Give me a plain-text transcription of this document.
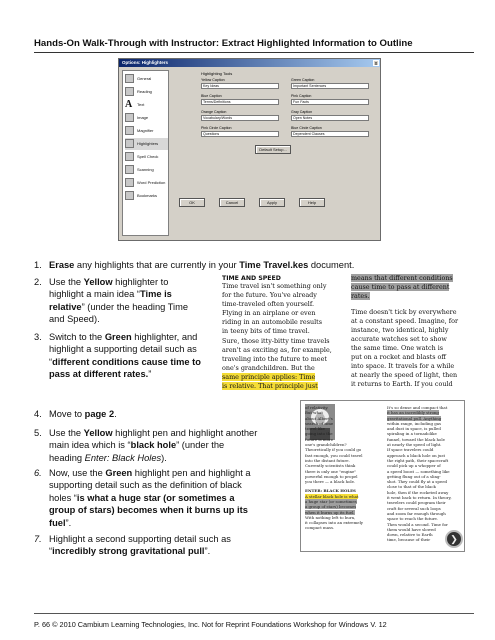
Hands-On Walk-Through with Instructor: Extract Highlighted Information to Outline
Options: Highlighters	x
General
Reading
A Text
Image
Magnifier
Highlighters
Spell Check
Scanning
Word Prediction
Bookmarks
Highlighting Tools
Yellow Caption
Key Ideas
Green Caption
Important Sentences
Blue Caption
Terms/Definitions
Pink Caption
Fun Facts
Orange Caption
Vocabulary/Words
Gray Caption
Open Notes
Pink Circle Caption
Questions
Blue Circle Caption
Dependent Clauses
Default Setup...
OK	Cancel	Apply	Help
1. Erase any highlights that are currently in your Time Travel.kes document.
2. Use the Yellow highlighter to
highlight a main idea “Time is
relative” (under the heading Time
and Speed).
3. Switch to the Green highlighter, and
highlight a supporting detail such as
“different conditions cause time to
pass at different rates.”
TIME AND SPEED
Time travel isn't something only
for the future. You've already
time-traveled often yourself.
Flying in an airplane or even
riding in an automobile results
in teeny bits of time travel.
Sure, those itty-bitty time travels
aren't as exciting as, for example,
traveling into the future to meet
one's grandchildren. But the
same principle applies: Time
is relative. That principle just
means that different conditions
cause time to pass at different
rates.
Time doesn't tick by everywhere
at a constant speed. Imagine, for
instance, two identical, highly
accurate watches set to show
the same time. One watch is
put on a rocket and blasts off
into space. It travels for a while
at nearly the speed of light, then
it returns to Earth. If you could
4. Move to page 2.
5. Use the Yellow highlight pen and highlight another
main idea which is “black hole” (under the
heading Enter: Black Holes).
6. Now, use the Green highlight pen and highlight a
supporting detail such as the definition of black
holes “is what a huge star (or sometimes a
group of stars) becomes when it burns up its
fuel”.
7. Highlight a second supporting detail such as
“incredibly strong gravitational pull”.
of relativity.
But what
about Albert's
search of time
travel like
going into the
future is more
one's grandchildren?
Theoretically if you could go
fast enough, you could travel
into the distant future.
Currently scientists think
there is only one "engine"
powerful enough to propel
you there — a black hole.
ENTER: BLACK HOLES
A stellar black hole is what
a huge star (or sometimes
a group of stars) becomes
when it burns up its fuel.
With nothing left to burn,
it collapses into an extremely
compact mass.
It's so dense and compact that
it has an incredibly strong
gravitational pull. Anything
within range, including gas
and dust in space, is pulled
spiraling in a tornadolike
funnel, toward the black hole
at nearly the speed of light.
If space travelers could
approach a black hole on just
the right path, their spacecraft
could pick up a whopper of
a speed boost — something like
getting flung out of a sling-
shot. They could fly at a speed
close to that of the black
hole, then if the rocketed away
it went back to return. In theory,
travelers could program their
craft for several such loops
and zoom far enough through
space to reach the future.
Then would a second. Time for
them would have slowed
down, relative to Earth
time, because of their	❯
P. 66 © 2010 Cambium Learning Technologies, Inc. Not for Reprint Foundations Workshop for Windows V. 12
